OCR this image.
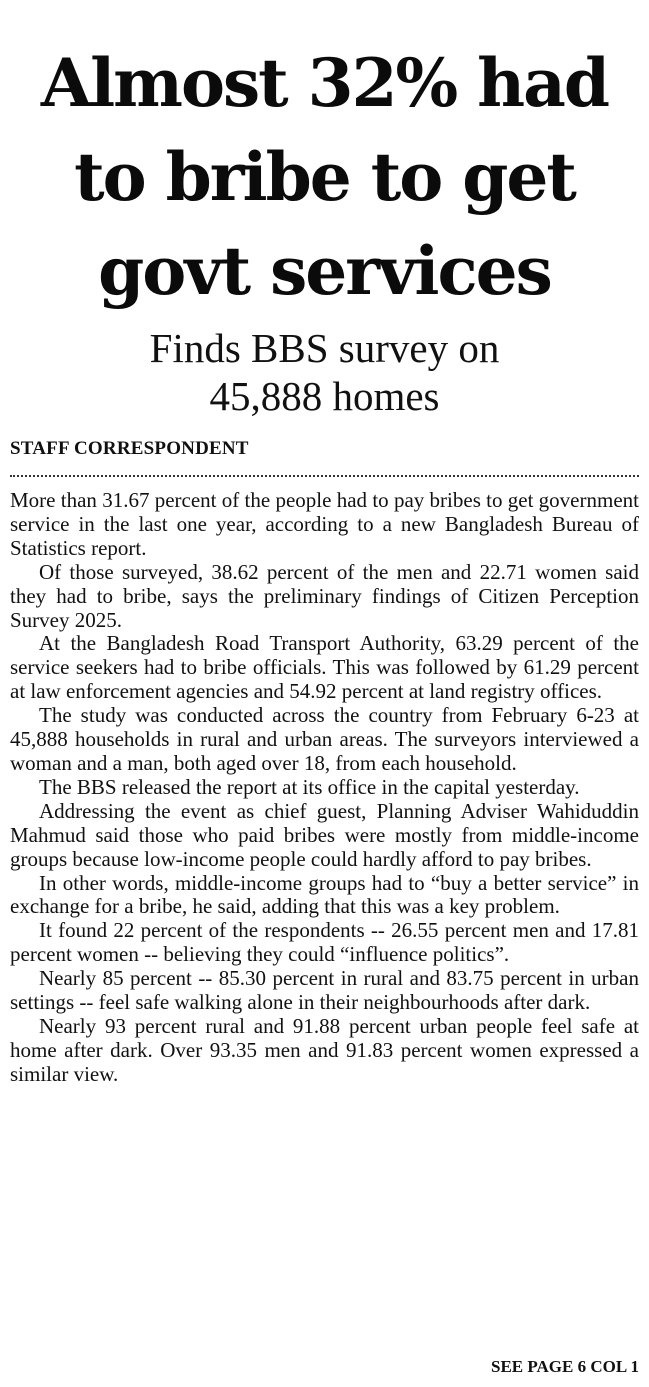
Almost 32% had
to bribe to get
govt services
Finds BBS survey on
45,888 homes
STAFF CORRESPONDENT

More than 31.67 percent of the people had to pay bribes to get government service in the last one year, according to a new Bangladesh Bureau of Statistics report.

Of those surveyed, 38.62 percent of the men and 22.71 women said they had to bribe, says the preliminary findings of Citizen Perception Survey 2025.

At the Bangladesh Road Transport Authority, 63.29 percent of the service seekers had to bribe officials. This was followed by 61.29 percent at law enforcement agencies and 54.92 percent at land registry offices.

The study was conducted across the country from February 6-23 at 45,888 households in rural and urban areas. The surveyors interviewed a woman and a man, both aged over 18, from each household.

The BBS released the report at its office in the capital yesterday.

Addressing the event as chief guest, Planning Adviser Wahiduddin Mahmud said those who paid bribes were mostly from middle-income groups because low-income people could hardly afford to pay bribes.

In other words, middle-income groups had to “buy a better service” in exchange for a bribe, he said, adding that this was a key problem.

It found 22 percent of the respondents -- 26.55 percent men and 17.81 percent women -- believing they could “influence politics”.

Nearly 85 percent -- 85.30 percent in rural and 83.75 percent in urban settings -- feel safe walking alone in their neighbourhoods after dark.

Nearly 93 percent rural and 91.88 percent urban people feel safe at home after dark. Over 93.35 men and 91.83 percent women expressed a similar view.

SEE PAGE 6 COL 1
